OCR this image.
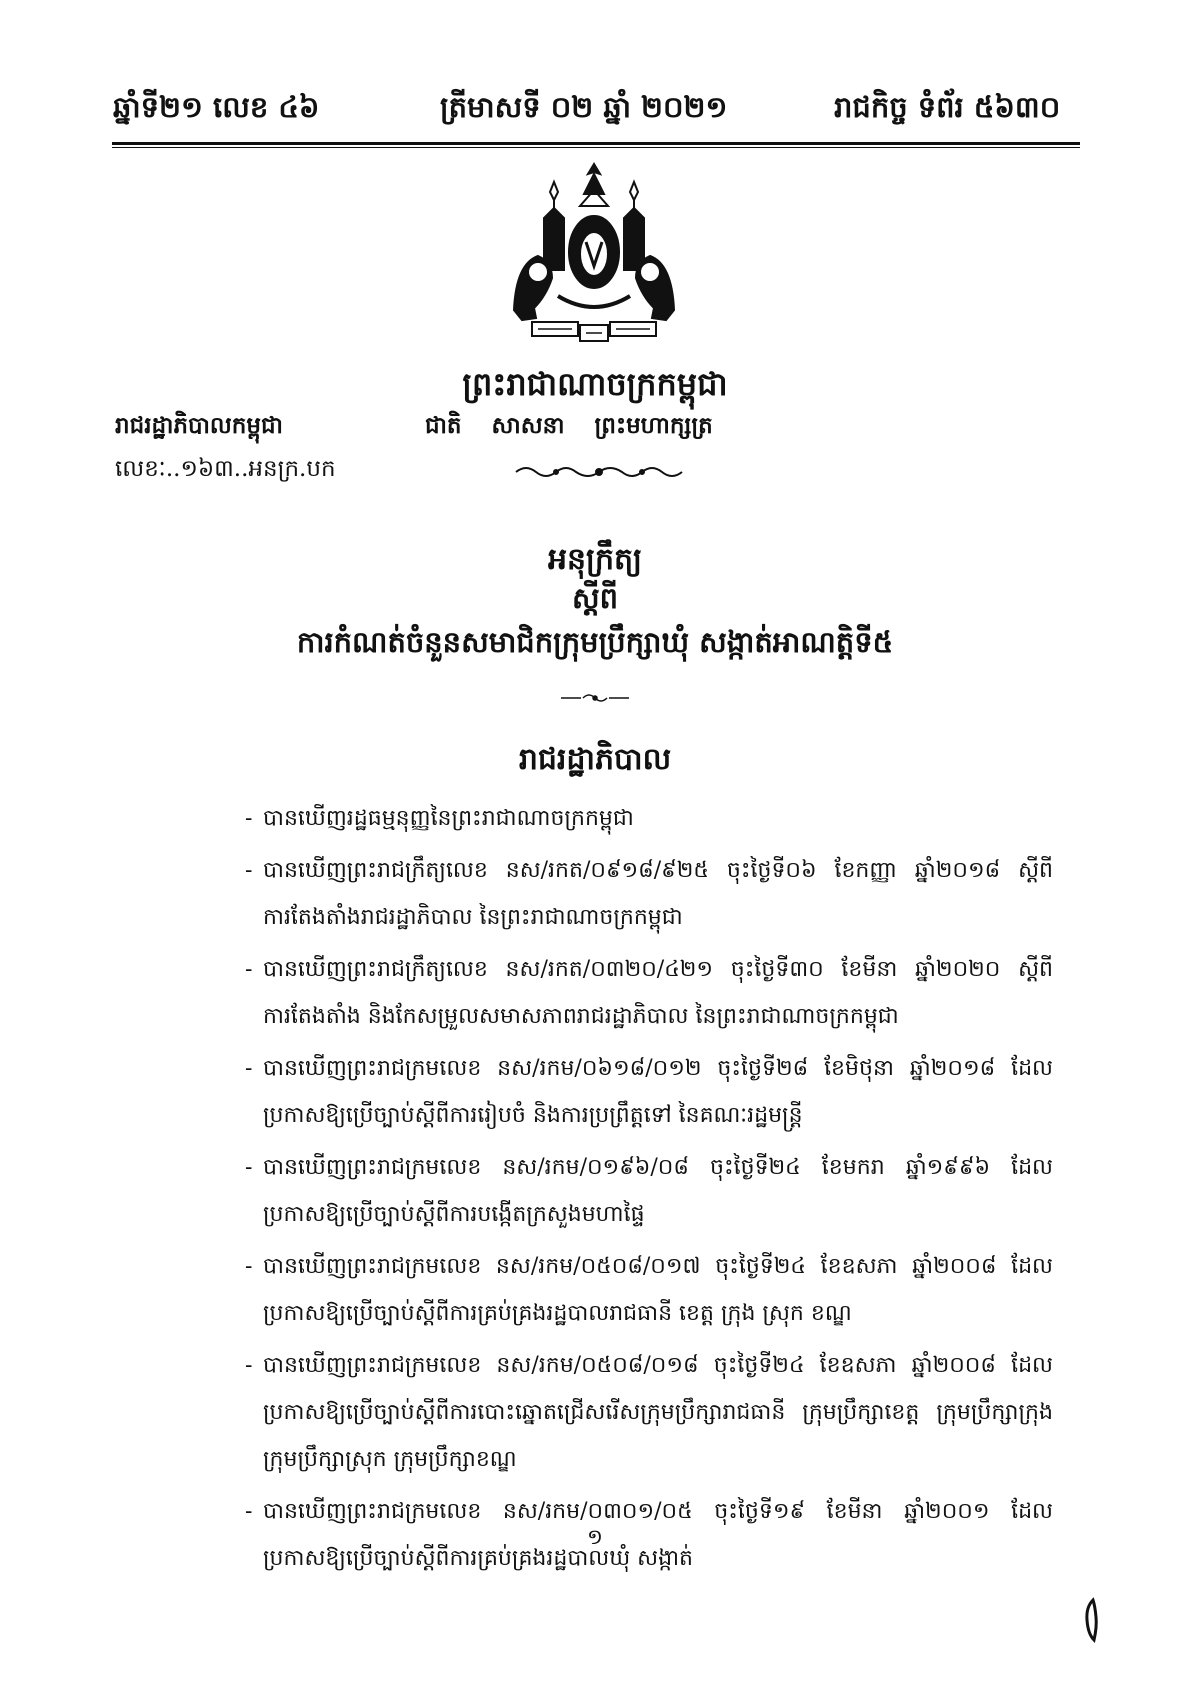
ឆ្នាំទី២១ លេខ ៤៦	ត្រីមាសទី ០២ ឆ្នាំ ២០២១	រាជកិច្ច ទំព័រ ៥៦៣០
ព្រះរាជាណាចក្រកម្ពុជា
រាជរដ្ឋាភិបាលកម្ពុជា	ជាតិ សាសនា ព្រះមហាក្សត្រ
លេខៈ..១៦៣..អនក្រ.បក
អនុក្រឹត្យ
ស្ដីពី
ការកំណត់ចំនួនសមាជិកក្រុមប្រឹក្សាឃុំ សង្កាត់អាណត្តិទី៥
រាជរដ្ឋាភិបាល
- បានឃើញរដ្ឋធម្មនុញ្ញនៃព្រះរាជាណាចក្រកម្ពុជា
- បានឃើញព្រះរាជក្រឹត្យលេខ នស/រកត/០៩១៨/៩២៥ ចុះថ្ងៃទី០៦ ខែកញ្ញា ឆ្នាំ២០១៨ ស្ដីពី
ការតែងតាំងរាជរដ្ឋាភិបាល នៃព្រះរាជាណាចក្រកម្ពុជា
- បានឃើញព្រះរាជក្រឹត្យលេខ នស/រកត/០៣២០/៤២១ ចុះថ្ងៃទី៣០ ខែមីនា ឆ្នាំ២០២០ ស្ដីពី
ការតែងតាំង និងកែសម្រួលសមាសភាពរាជរដ្ឋាភិបាល នៃព្រះរាជាណាចក្រកម្ពុជា
- បានឃើញព្រះរាជក្រមលេខ នស/រកម/០៦១៨/០១២ ចុះថ្ងៃទី២៨ ខែមិថុនា ឆ្នាំ២០១៨ ដែល
ប្រកាសឱ្យប្រើច្បាប់ស្ដីពីការរៀបចំ និងការប្រព្រឹត្តទៅ នៃគណៈរដ្ឋមន្ត្រី
- បានឃើញព្រះរាជក្រមលេខ នស/រកម/០១៩៦/០៨ ចុះថ្ងៃទី២៤ ខែមករា ឆ្នាំ១៩៩៦ ដែល
ប្រកាសឱ្យប្រើច្បាប់ស្ដីពីការបង្កើតក្រសួងមហាផ្ទៃ
- បានឃើញព្រះរាជក្រមលេខ នស/រកម/០៥០៨/០១៧ ចុះថ្ងៃទី២៤ ខែឧសភា ឆ្នាំ២០០៨ ដែល
ប្រកាសឱ្យប្រើច្បាប់ស្ដីពីការគ្រប់គ្រងរដ្ឋបាលរាជធានី ខេត្ត ក្រុង ស្រុក ខណ្ឌ
- បានឃើញព្រះរាជក្រមលេខ នស/រកម/០៥០៨/០១៨ ចុះថ្ងៃទី២៤ ខែឧសភា ឆ្នាំ២០០៨ ដែល
ប្រកាសឱ្យប្រើច្បាប់ស្ដីពីការបោះឆ្នោតជ្រើសរើសក្រុមប្រឹក្សារាជធានី ក្រុមប្រឹក្សាខេត្ត ក្រុមប្រឹក្សាក្រុង
ក្រុមប្រឹក្សាស្រុក ក្រុមប្រឹក្សាខណ្ឌ
- បានឃើញព្រះរាជក្រមលេខ នស/រកម/០៣០១/០៥ ចុះថ្ងៃទី១៩ ខែមីនា ឆ្នាំ២០០១ ដែល
ប្រកាសឱ្យប្រើច្បាប់ស្ដីពីការគ្រប់គ្រងរដ្ឋបាលឃុំ សង្កាត់
១
